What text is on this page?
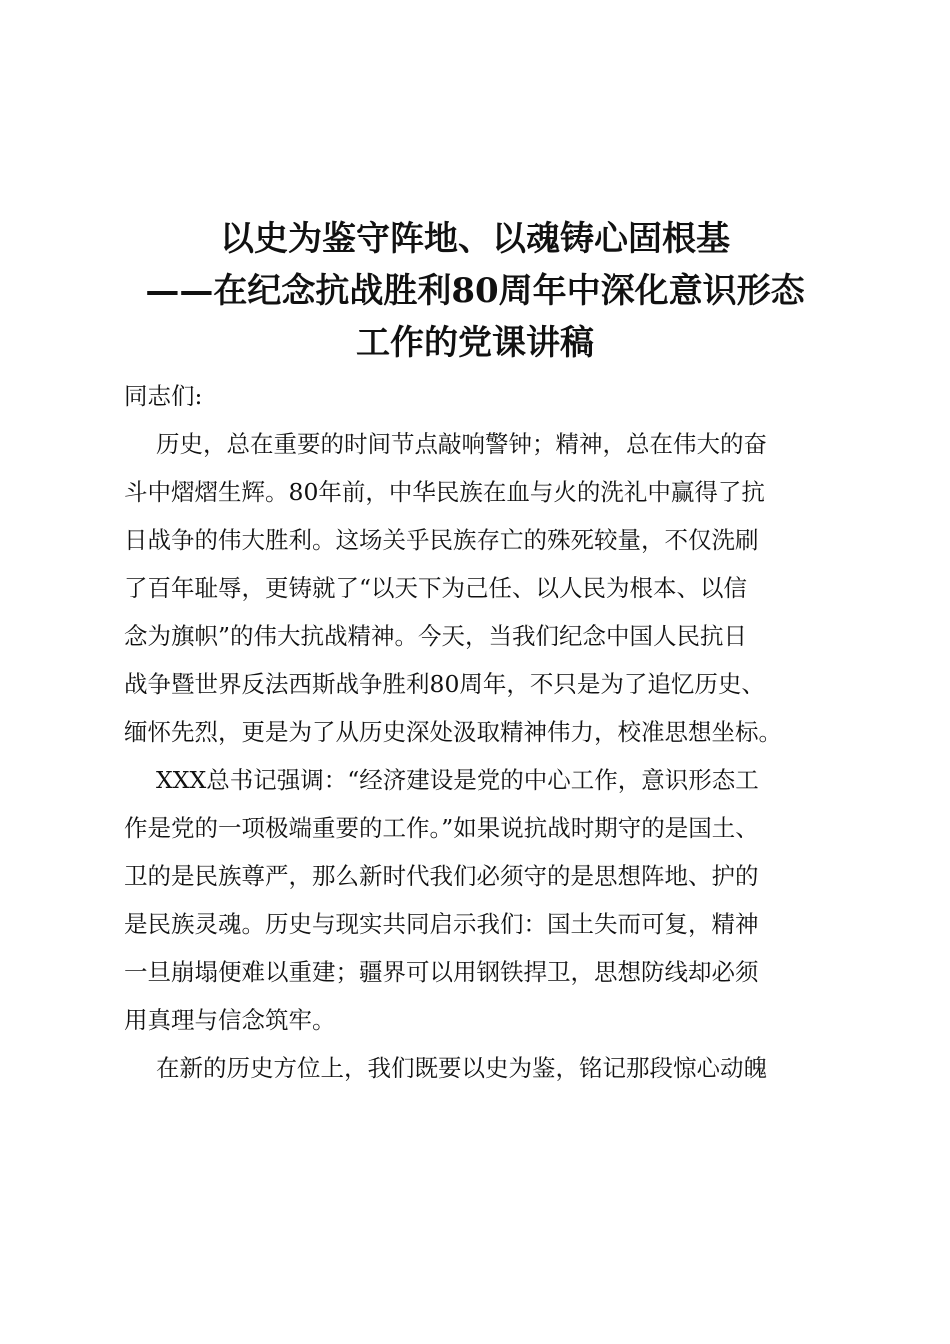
以史为鉴守阵地、以魂铸心固根基
——在纪念抗战胜利80周年中深化意识形态
工作的党课讲稿

同志们:

历史，总在重要的时间节点敲响警钟；精神，总在伟大的奋
斗中熠熠生辉。80年前，中华民族在血与火的洗礼中赢得了抗
日战争的伟大胜利。这场关乎民族存亡的殊死较量，不仅洗刷
了百年耻辱，更铸就了“以天下为己任、以人民为根本、以信
念为旗帜”的伟大抗战精神。今天，当我们纪念中国人民抗日
战争暨世界反法西斯战争胜利80周年，不只是为了追忆历史、
缅怀先烈，更是为了从历史深处汲取精神伟力，校准思想坐标。
XXX总书记强调：“经济建设是党的中心工作，意识形态工
作是党的一项极端重要的工作。”如果说抗战时期守的是国土、
卫的是民族尊严，那么新时代我们必须守的是思想阵地、护的
是民族灵魂。历史与现实共同启示我们：国土失而可复，精神
一旦崩塌便难以重建；疆界可以用钢铁捍卫，思想防线却必须
用真理与信念筑牢。
在新的历史方位上，我们既要以史为鉴，铭记那段惊心动魄
